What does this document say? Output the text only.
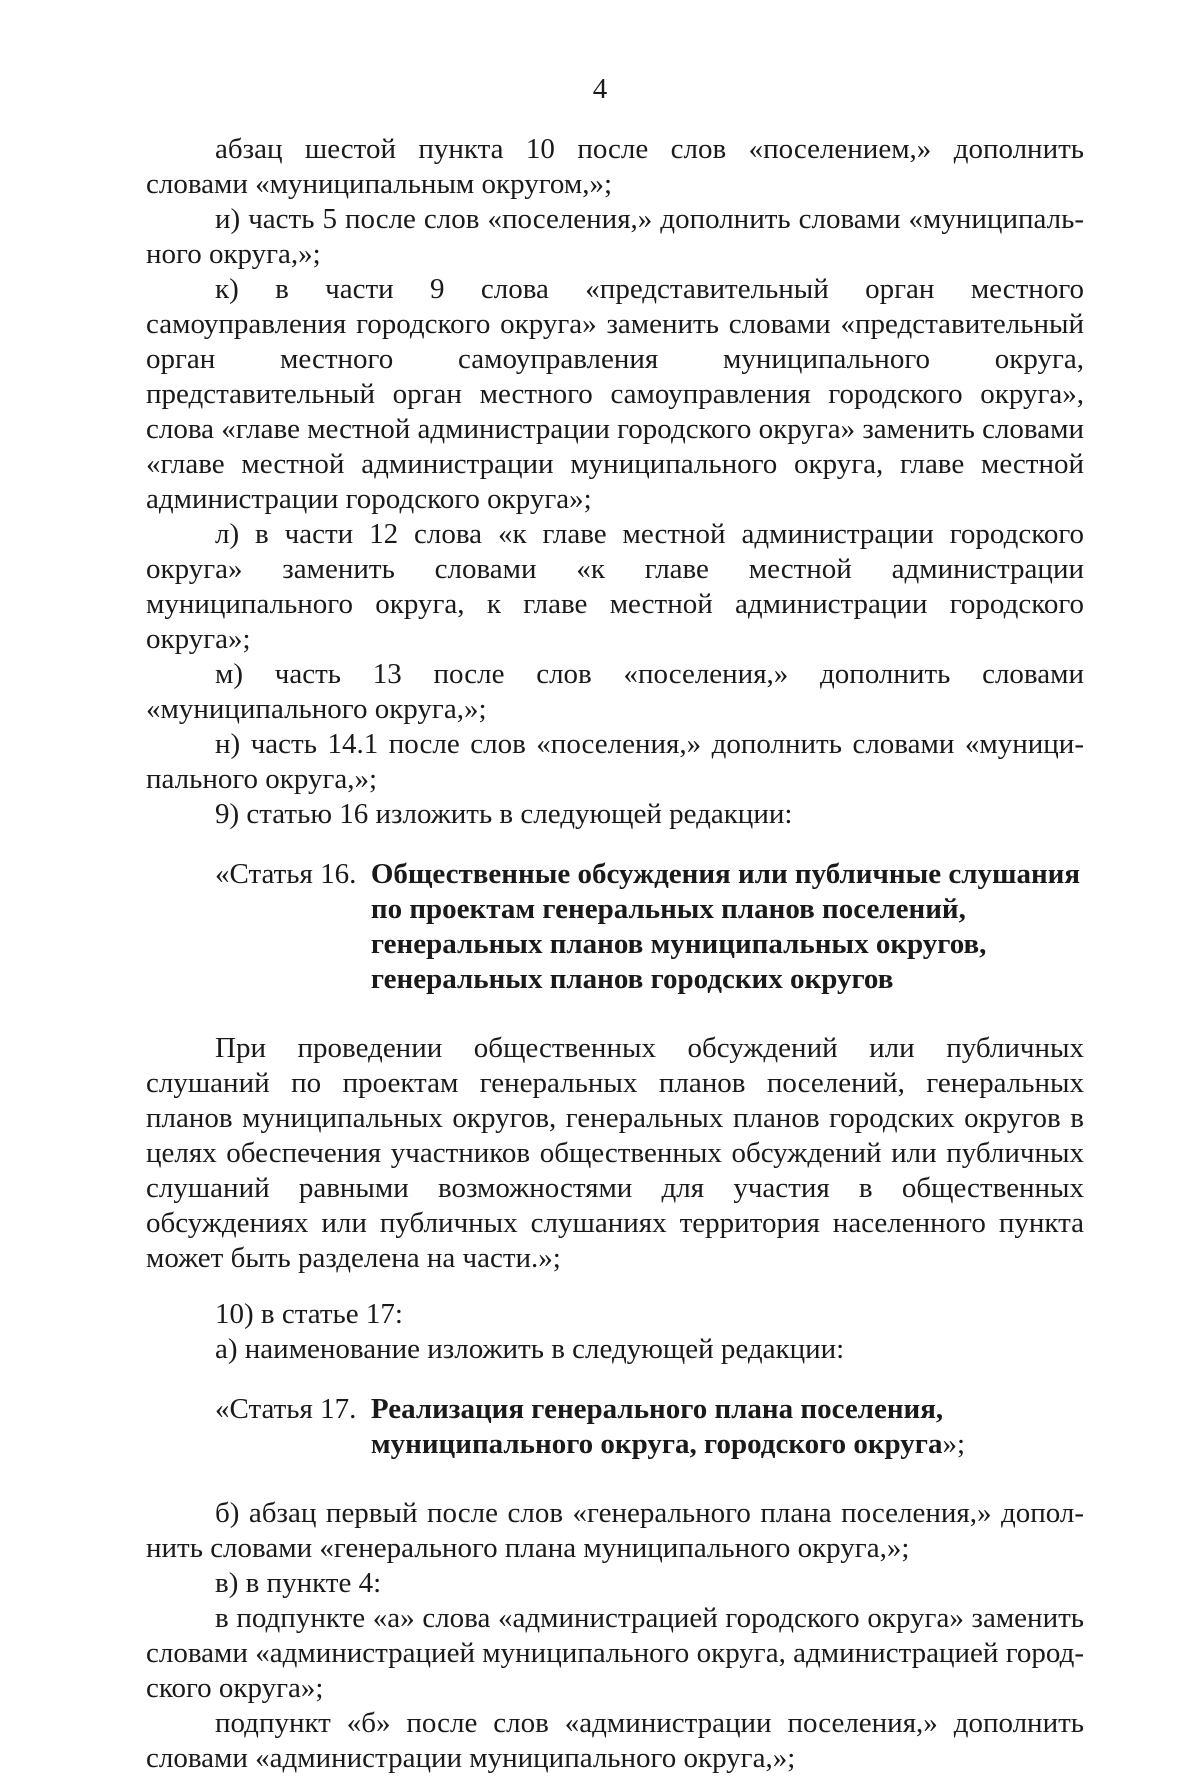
4

абзац шестой пункта 10 после слов «поселением,» дополнить словами «муниципальным округом,»;

и) часть 5 после слов «поселения,» дополнить словами «муниципального округа,»;

к) в части 9 слова «представительный орган местного самоуправления городского округа» заменить словами «представительный орган местного самоуправления муниципального округа, представительный орган местного самоуправления городского округа», слова «главе местной администрации городского округа» заменить словами «главе местной администрации муниципального округа, главе местной администрации городского округа»;

л) в части 12 слова «к главе местной администрации городского округа» заменить словами «к главе местной администрации муниципального округа, к главе местной администрации городского округа»;

м) часть 13 после слов «поселения,» дополнить словами «муниципального округа,»;

н) часть 14.1 после слов «поселения,» дополнить словами «муниципального округа,»;

9) статью 16 изложить в следующей редакции:

«Статья 16. Общественные обсуждения или публичные слушания
по проектам генеральных планов поселений,
генеральных планов муниципальных округов,
генеральных планов городских округов

При проведении общественных обсуждений или публичных слушаний по проектам генеральных планов поселений, генеральных планов муниципальных округов, генеральных планов городских округов в целях обеспечения участников общественных обсуждений или публичных слушаний равными возможностями для участия в общественных обсуждениях или публичных слушаниях территория населенного пункта может быть разделена на части.»;

10) в статье 17:

а) наименование изложить в следующей редакции:

«Статья 17. Реализация генерального плана поселения,
муниципального округа, городского округа»;

б) абзац первый после слов «генерального плана поселения,» дополнить словами «генерального плана муниципального округа,»;

в) в пункте 4:

в подпункте «а» слова «администрацией городского округа» заменить словами «администрацией муниципального округа, администрацией городского округа»;

подпункт «б» после слов «администрации поселения,» дополнить словами «администрации муниципального округа,»;
